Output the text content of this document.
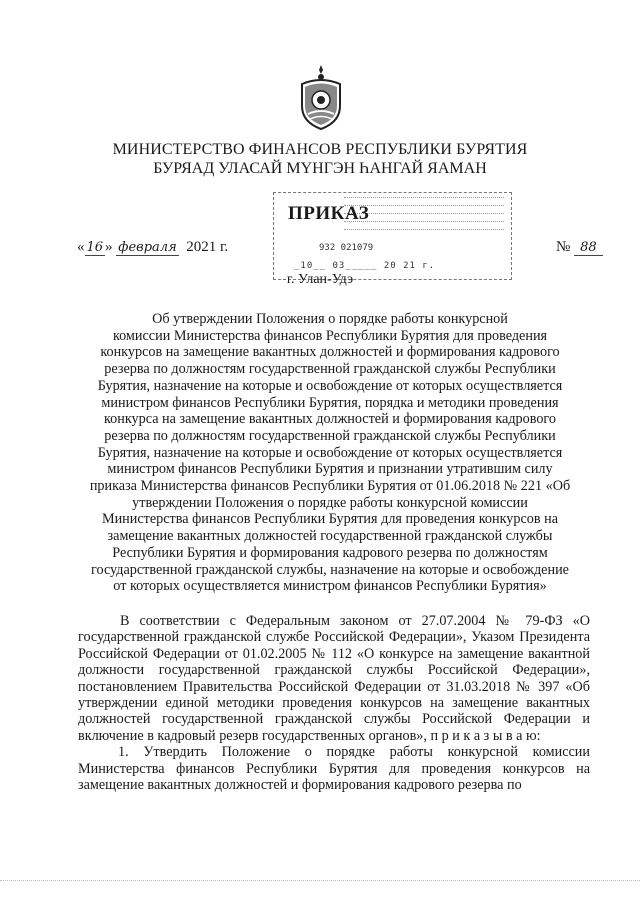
МИНИСТЕРСТВО ФИНАНСОВ РЕСПУБЛИКИ БУРЯТИЯ
БУРЯАД УЛАСАЙ МҮНГЭН ҺАНГАЙ ЯАМАН
932 021079
_10__ 03_____ 20 21 г.
ПРИКАЗ
« 16 » февраля 2021 г.	№ 88
г. Улан-Удэ
Об утверждении Положения о порядке работы конкурсной
комиссии Министерства финансов Республики Бурятия для проведения
конкурсов на замещение вакантных должностей и формирования кадрового
резерва по должностям государственной гражданской службы Республики
Бурятия, назначение на которые и освобождение от которых осуществляется
министром финансов Республики Бурятия, порядка и методики проведения
конкурса на замещение вакантных должностей и формирования кадрового
резерва по должностям государственной гражданской службы Республики
Бурятия, назначение на которые и освобождение от которых осуществляется
министром финансов Республики Бурятия и признании утратившим силу
приказа Министерства финансов Республики Бурятия от 01.06.2018 № 221 «Об
утверждении Положения о порядке работы конкурсной комиссии
Министерства финансов Республики Бурятия для проведения конкурсов на
замещение вакантных должностей государственной гражданской службы
Республики Бурятия и формирования кадрового резерва по должностям
государственной гражданской службы, назначение на которые и освобождение
от которых осуществляется министром финансов Республики Бурятия»

В соответствии с Федеральным законом от 27.07.2004 № 79-ФЗ «О государственной гражданской службе Российской Федерации», Указом Президента Российской Федерации от 01.02.2005 № 112 «О конкурсе на замещение вакантной должности государственной гражданской службы Российской Федерации», постановлением Правительства Российской Федерации от 31.03.2018 № 397 «Об утверждении единой методики проведения конкурсов на замещение вакантных должностей государственной гражданской службы Российской Федерации и включение в кадровый резерв государственных органов», п р и к а з ы в а ю:

1. Утвердить Положение о порядке работы конкурсной комиссии Министерства финансов Республики Бурятия для проведения конкурсов на замещение вакантных должностей и формирования кадрового резерва по
